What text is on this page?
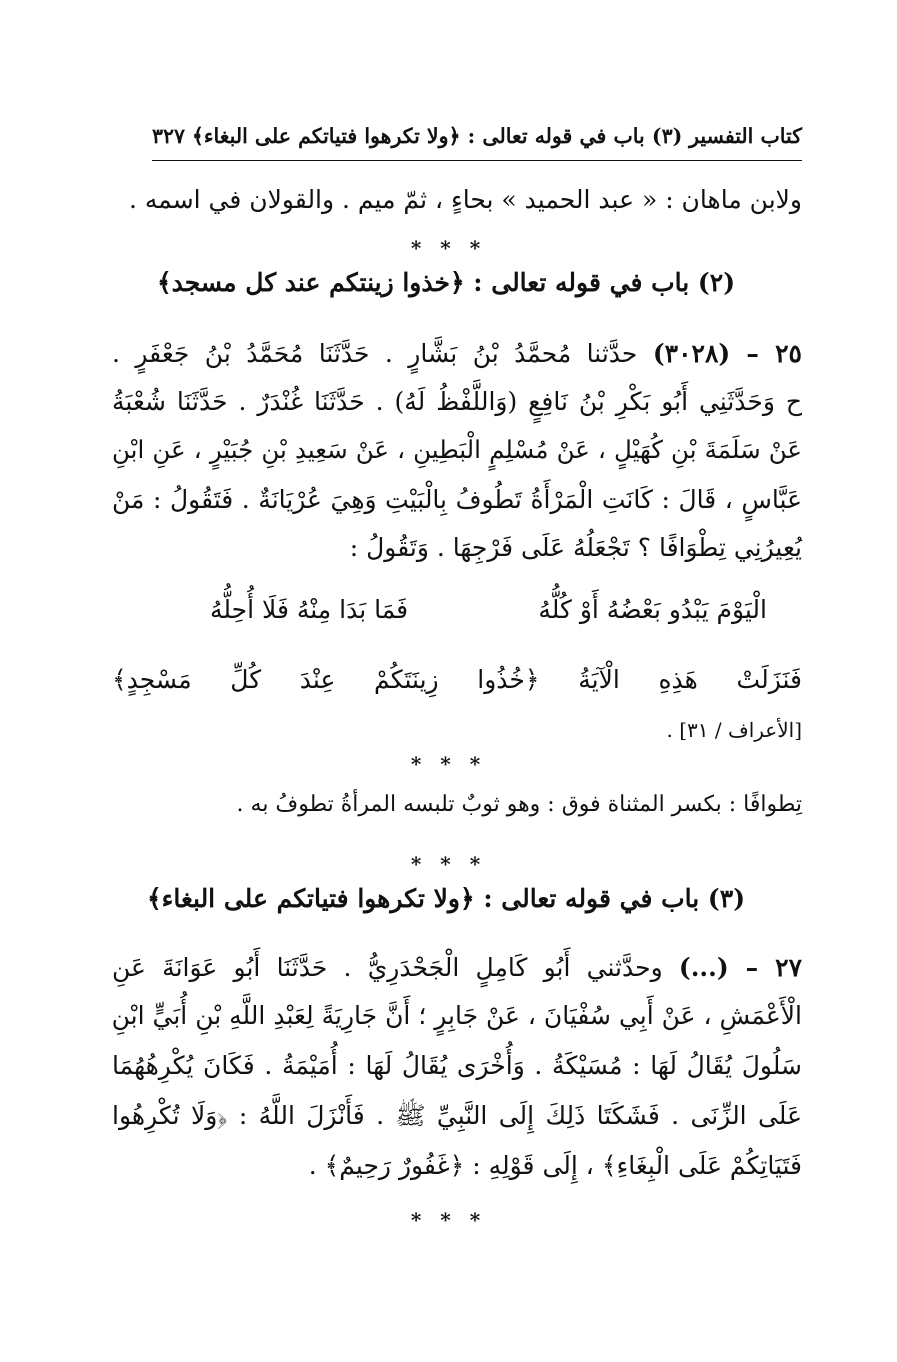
كتاب التفسير
(٣) باب في قوله تعالى : ﴿ولا تكرهوا فتياتكم على البغاء﴾
٣٢٧
ولابن ماهان : « عبد الحميد » بحاءٍ ، ثمّ ميم . والقولان في اسمه .
* * *
(٢) باب في قوله تعالى : ﴿خذوا زينتكم عند كل مسجد﴾
٢٥ – (٣٠٢٨) حدَّثنا مُحمَّدُ بْنُ بَشَّارٍ . حَدَّثَنَا مُحَمَّدُ بْنُ جَعْفَرٍ .
ح وَحَدَّثَنِي أَبُو بَكْرِ بْنُ نَافِعٍ (وَاللَّفْظُ لَهُ) . حَدَّثَنَا غُنْدَرٌ . حَدَّثَنَا شُعْبَةُ
عَنْ سَلَمَةَ بْنِ كُهَيْلٍ ، عَنْ مُسْلِمٍ الْبَطِينِ ، عَنْ سَعِيدِ بْنِ جُبَيْرٍ ، عَنِ ابْنِ
عَبَّاسٍ ، قَالَ : كَانَتِ الْمَرْأَةُ تَطُوفُ بِالْبَيْتِ وَهِيَ عُرْيَانَةٌ . فَتَقُولُ : مَنْ
يُعِيرُنِي تِطْوَافًا ؟ تَجْعَلُهُ عَلَى فَرْجِهَا . وَتَقُولُ :
الْيَوْمَ يَبْدُو بَعْضُهُ أَوْ كُلُّهُ
فَمَا بَدَا مِنْهُ فَلَا أُحِلُّهُ
فَنَزَلَتْ هَذِهِ الْآيَةُ ﴿خُذُوا زِينَتَكُمْ عِنْدَ كُلِّ مَسْجِدٍ﴾
[الأعراف / ٣١] .
* * *
تِطوافًا : بكسر المثناة فوق : وهو ثوبٌ تلبسه المرأةُ تطوفُ به .
* * *
(٣) باب في قوله تعالى : ﴿ولا تكرهوا فتياتكم على البغاء﴾
٢٧ – (...) وحدَّثني أَبُو كَامِلٍ الْجَحْدَرِيُّ . حَدَّثَنَا أَبُو عَوَانَةَ عَنِ
الْأَعْمَشِ ، عَنْ أَبِي سُفْيَانَ ، عَنْ جَابِرٍ ؛ أَنَّ جَارِيَةً لِعَبْدِ اللَّهِ بْنِ أُبَيٍّ ابْنِ
سَلُولَ يُقَالُ لَهَا : مُسَيْكَةُ . وَأُخْرَى يُقَالُ لَهَا : أُمَيْمَةُ . فَكَانَ يُكْرِهُهُمَا
عَلَى الزِّنَى . فَشَكَتَا ذَلِكَ إِلَى النَّبِيِّ ﷺ . فَأَنْزَلَ اللَّهُ : ﴿وَلَا تُكْرِهُوا
فَتَيَاتِكُمْ عَلَى الْبِغَاءِ﴾ ، إِلَى قَوْلِهِ : ﴿غَفُورٌ رَحِيمٌ﴾ .
* * *
